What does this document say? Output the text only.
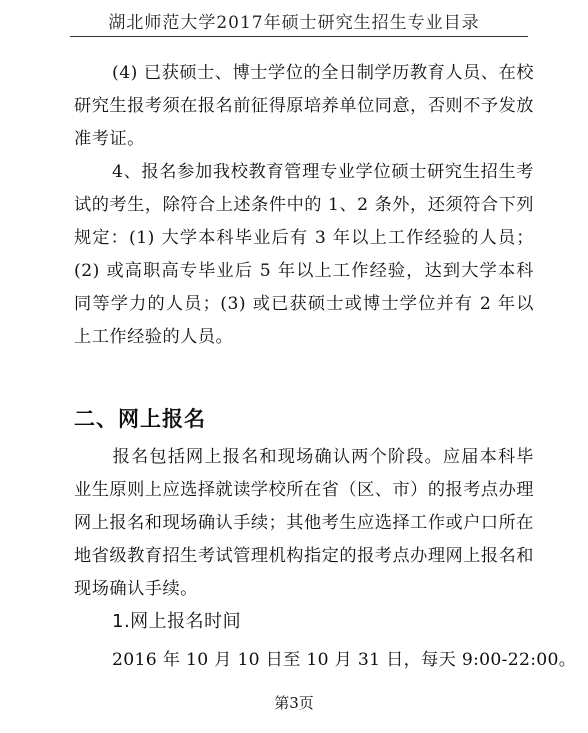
湖北师范大学2017年硕士研究生招生专业目录

(4) 已获硕士、博士学位的全日制学历教育人员、在校研究生报考须在报名前征得原培养单位同意，否则不予发放准考证。

4、报名参加我校教育管理专业学位硕士研究生招生考试的考生，除符合上述条件中的 1、2 条外，还须符合下列规定：(1) 大学本科毕业后有 3 年以上工作经验的人员；(2) 或高职高专毕业后 5 年以上工作经验，达到大学本科同等学力的人员；(3) 或已获硕士或博士学位并有 2 年以上工作经验的人员。

二、网上报名

报名包括网上报名和现场确认两个阶段。应届本科毕业生原则上应选择就读学校所在省（区、市）的报考点办理网上报名和现场确认手续；其他考生应选择工作或户口所在地省级教育招生考试管理机构指定的报考点办理网上报名和现场确认手续。

1.网上报名时间
2016 年 10 月 10 日至 10 月 31 日，每天 9:00-22:00。
第3页
